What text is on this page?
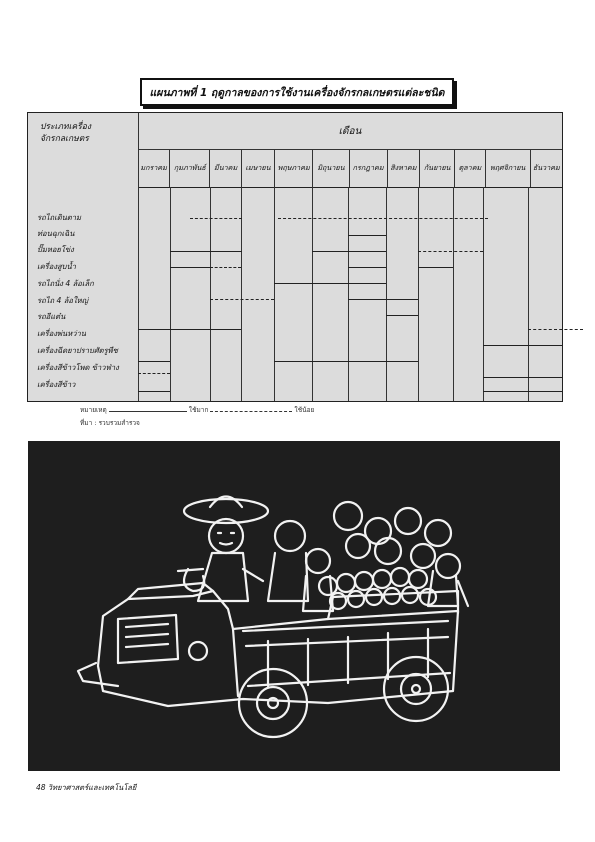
แผนภาพที่ 1 ฤดูกาลของการใช้งานเครื่องจักรกลเกษตรแต่ละชนิด
ประเภทเครื่อง
จักรกลเกษตร
เดือน
มกราคม กุมภาพันธ์	มีนาคม	เมษายน พฤษภาคม	มิถุนายน	กรกฎาคม สิงหาคม	กันยายน	ตุลาคม	พฤศจิกายน	ธันวาคม
รถไถเดินตาม
ท่อนฉุกเฉิน
ปั๊มหอยโข่ง
เครื่องสูบน้ำ
รถไถนั่ง 4 ล้อเล็ก
รถไถ 4 ล้อใหญ่
รถอีแต๋น
เครื่องพ่นหว่าน
เครื่องฉีดยาปราบศัตรูพืช
เครื่องสีข้าวโพด ข้าวฟ่าง
เครื่องสีข้าว
หมายเหตุ	ใช้มาก	ใช้น้อย
ที่มา : รวบรวมสำรวจ
48 วิทยาศาสตร์และเทคโนโลยี
